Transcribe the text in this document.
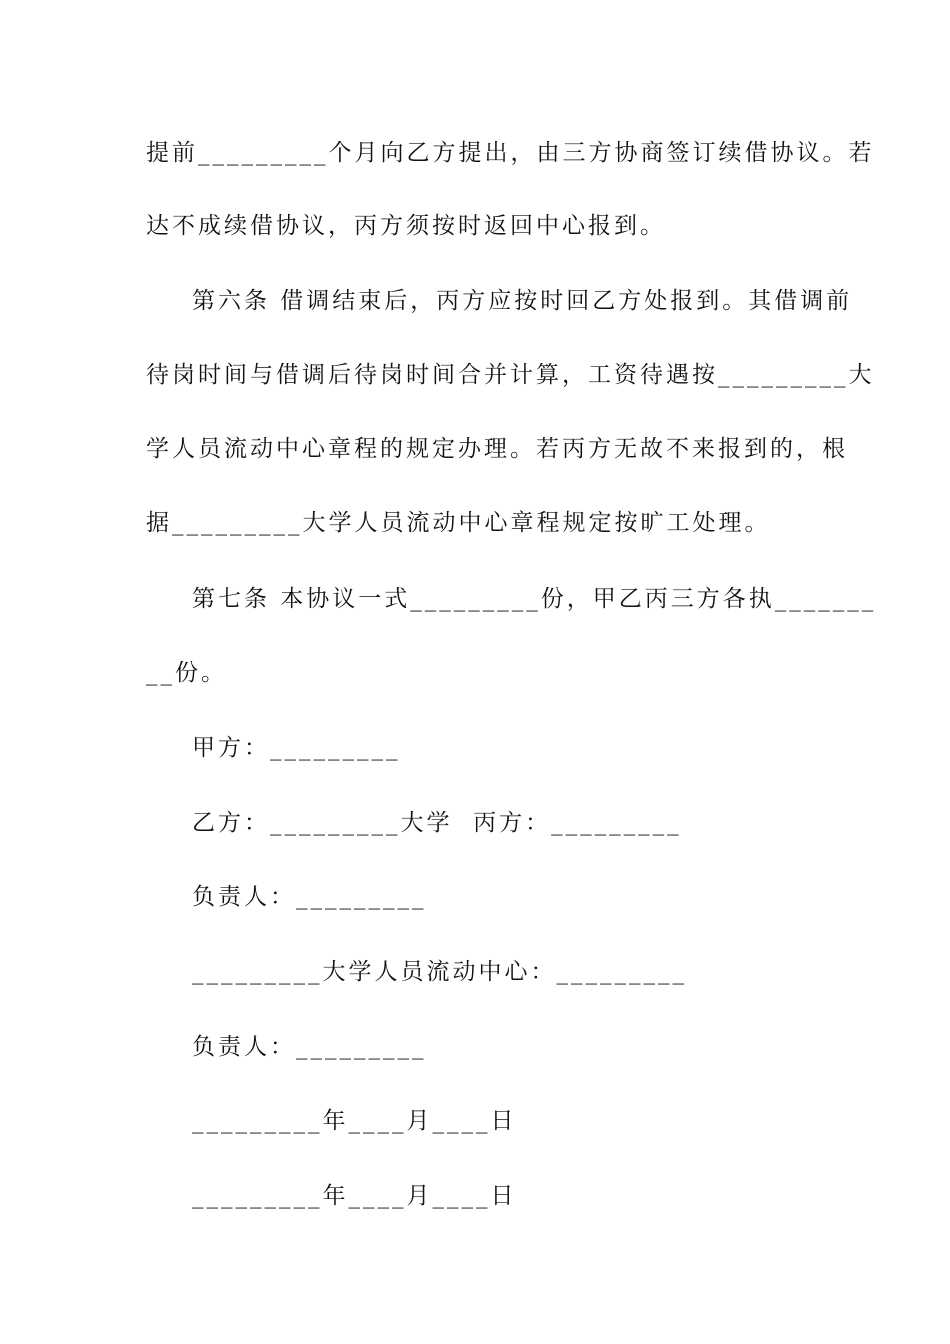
提前_________个月向乙方提出，由三方协商签订续借协议。若
达不成续借协议，丙方须按时返回中心报到。
第六条 借调结束后，丙方应按时回乙方处报到。其借调前
待岗时间与借调后待岗时间合并计算，工资待遇按_________大
学人员流动中心章程的规定办理。若丙方无故不来报到的，根
据_________大学人员流动中心章程规定按旷工处理。
第七条 本协议一式_________份，甲乙丙三方各执_______
__份。
甲方：_________
乙方：_________大学  丙方：_________
负责人：_________
_________大学人员流动中心：_________
负责人：_________
_________年____月____日
_________年____月____日
